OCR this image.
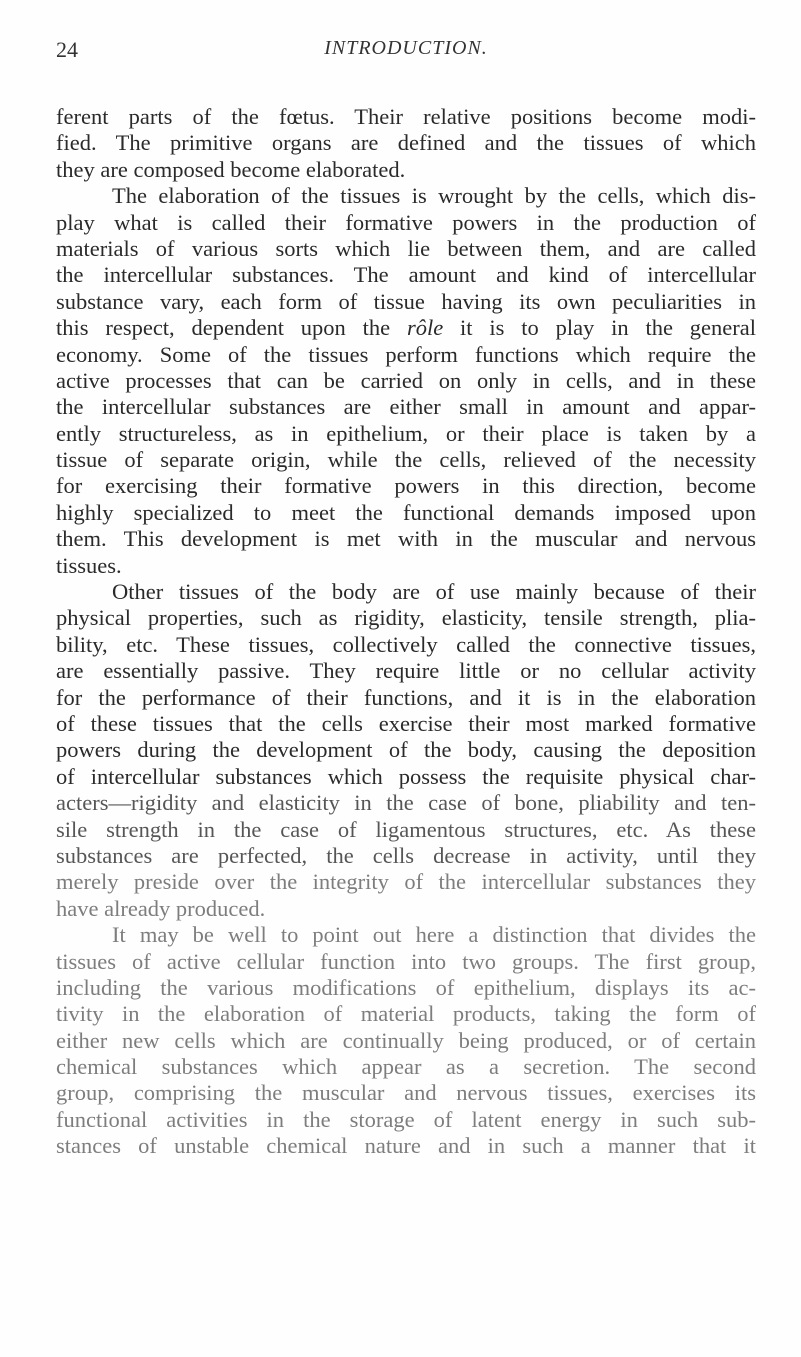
24	INTRODUCTION.
ferent parts of the fœtus. Their relative positions become modi-
fied. The primitive organs are defined and the tissues of which
they are composed become elaborated.
The elaboration of the tissues is wrought by the cells, which dis-
play what is called their formative powers in the production of
materials of various sorts which lie between them, and are called
the intercellular substances. The amount and kind of intercellular
substance vary, each form of tissue having its own peculiarities in
this respect, dependent upon the rôle it is to play in the general
economy. Some of the tissues perform functions which require the
active processes that can be carried on only in cells, and in these
the intercellular substances are either small in amount and appar-
ently structureless, as in epithelium, or their place is taken by a
tissue of separate origin, while the cells, relieved of the necessity
for exercising their formative powers in this direction, become
highly specialized to meet the functional demands imposed upon
them. This development is met with in the muscular and nervous
tissues.
Other tissues of the body are of use mainly because of their
physical properties, such as rigidity, elasticity, tensile strength, plia-
bility, etc. These tissues, collectively called the connective tissues,
are essentially passive. They require little or no cellular activity
for the performance of their functions, and it is in the elaboration
of these tissues that the cells exercise their most marked formative
powers during the development of the body, causing the deposition
of intercellular substances which possess the requisite physical char-
acters—rigidity and elasticity in the case of bone, pliability and ten-
sile strength in the case of ligamentous structures, etc. As these
substances are perfected, the cells decrease in activity, until they
merely preside over the integrity of the intercellular substances they
have already produced.
It may be well to point out here a distinction that divides the
tissues of active cellular function into two groups. The first group,
including the various modifications of epithelium, displays its ac-
tivity in the elaboration of material products, taking the form of
either new cells which are continually being produced, or of certain
chemical substances which appear as a secretion. The second
group, comprising the muscular and nervous tissues, exercises its
functional activities in the storage of latent energy in such sub-
stances of unstable chemical nature and in such a manner that it
